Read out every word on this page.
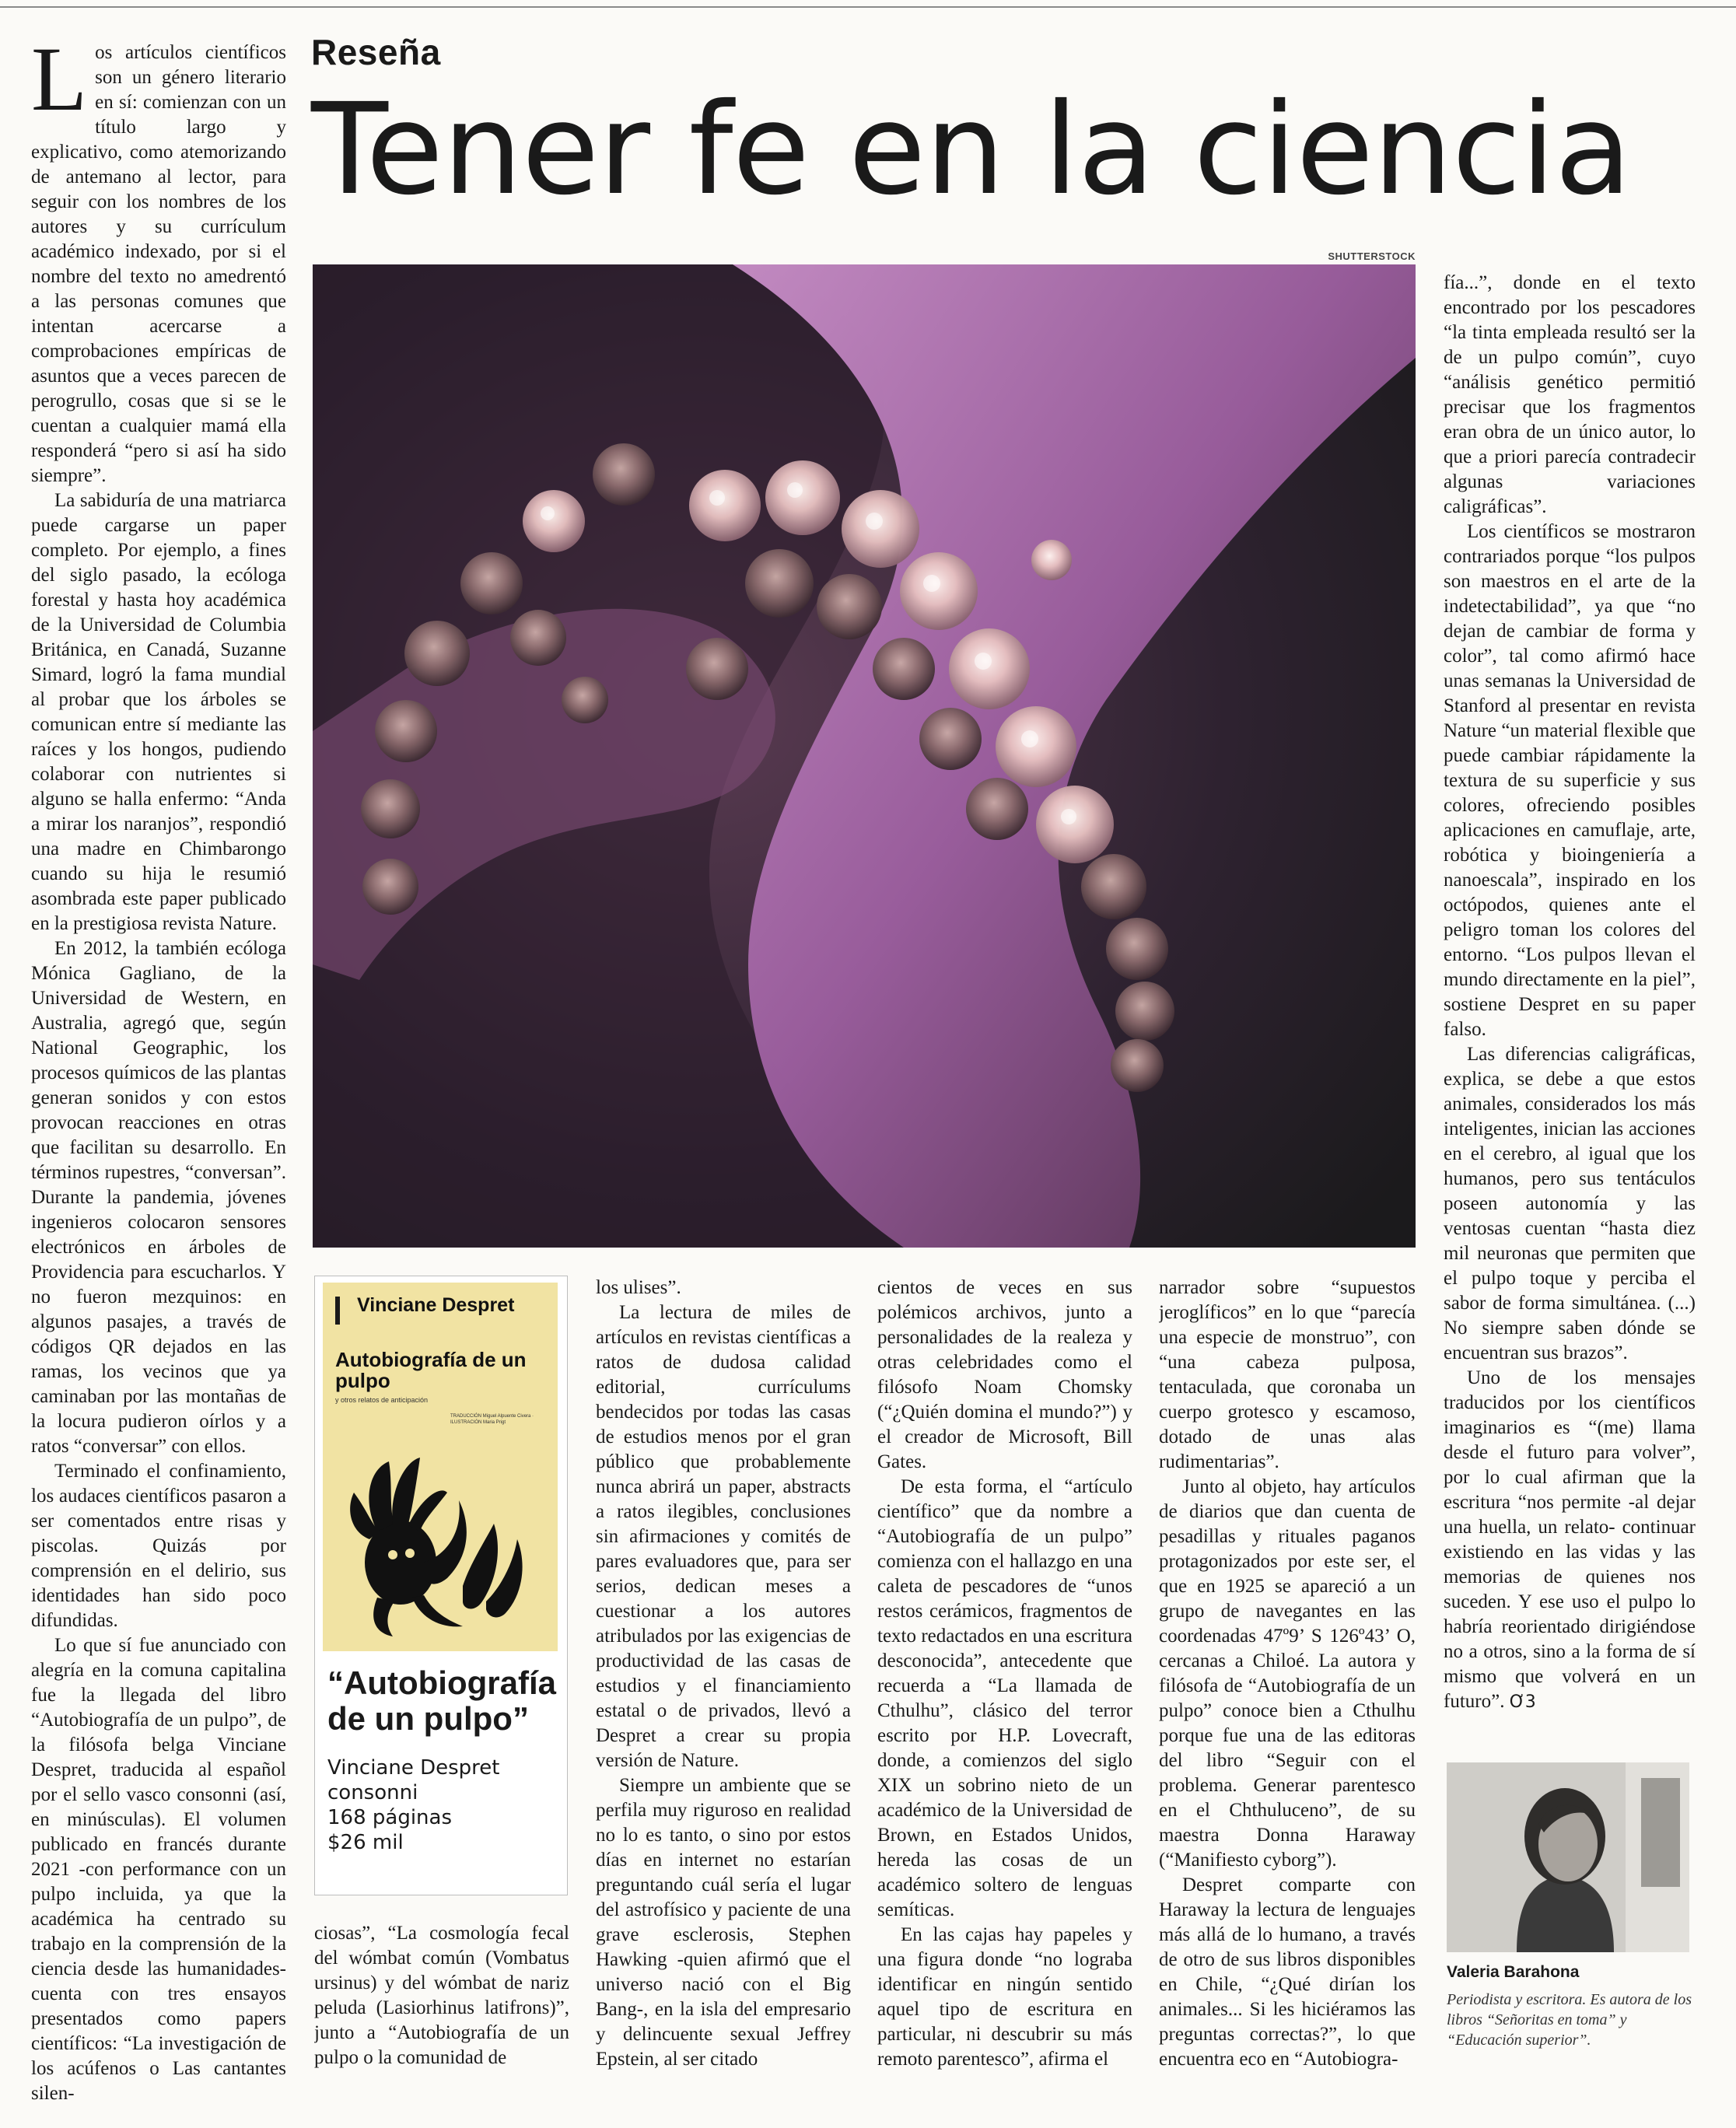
Los artículos científicos son un género literario en sí: comienzan con un título largo y explicativo, como atemorizando de antemano al lector, para seguir con los nombres de los autores y su currículum académico indexado, por si el nombre del texto no amedrentó a las personas comunes que intentan acercarse a comprobaciones empíricas de asuntos que a veces parecen de perogrullo, cosas que si se le cuentan a cualquier mamá ella responderá “pero si así ha sido siempre”.

La sabiduría de una matriarca puede cargarse un paper completo. Por ejemplo, a fines del siglo pasado, la ecóloga forestal y hasta hoy académica de la Universidad de Columbia Británica, en Canadá, Suzanne Simard, logró la fama mundial al probar que los árboles se comunican entre sí mediante las raíces y los hongos, pudiendo colaborar con nutrientes si alguno se halla enfermo: “Anda a mirar los naranjos”, respondió una madre en Chimbarongo cuando su hija le resumió asombrada este paper publicado en la prestigiosa revista Nature.

En 2012, la también ecóloga Mónica Gagliano, de la Universidad de Western, en Australia, agregó que, según National Geographic, los procesos químicos de las plantas generan sonidos y con estos provocan reacciones en otras que facilitan su desarrollo. En términos rupestres, “conversan”. Durante la pandemia, jóvenes ingenieros colocaron sensores electrónicos en árboles de Providencia para escucharlos. Y no fueron mezquinos: en algunos pasajes, a través de códigos QR dejados en las ramas, los vecinos que ya caminaban por las montañas de la locura pudieron oírlos y a ratos “conversar” con ellos.

Terminado el confinamiento, los audaces científicos pasaron a ser comentados entre risas y piscolas. Quizás por comprensión en el delirio, sus identidades han sido poco difundidas.

Lo que sí fue anunciado con alegría en la comuna capitalina fue la llegada del libro “Autobiografía de un pulpo”, de la filósofa belga Vinciane Despret, traducida al español por el sello vasco consonni (así, en minúsculas). El volumen publicado en francés durante 2021 -con performance con un pulpo incluida, ya que la académica ha centrado su trabajo en la comprensión de la ciencia desde las humanidades- cuenta con tres ensayos presentados como papers científicos: “La investigación de los acúfenos o Las cantantes silen-

Reseña
Tener fe en la ciencia
SHUTTERSTOCK
Vinciane Despret
Autobiografía de un pulpo
y otros relatos de anticipación
TRADUCCIÓN Miguel Alpuente Civera · ILUSTRACIÓN Maria Prigt
“Autobiografía de un pulpo”
Vinciane Despret
consonni
168 páginas
$26 mil

ciosas”, “La cosmología fecal del wómbat común (Vombatus ursinus) y del wómbat de nariz peluda (Lasiorhinus latifrons)”, junto a “Autobiografía de un pulpo o la comunidad de

los ulises”.

La lectura de miles de artículos en revistas científicas a ratos de dudosa calidad editorial, currículums bendecidos por todas las casas de estudios menos por el gran público que probablemente nunca abrirá un paper, abstracts a ratos ilegibles, conclusiones sin afirmaciones y comités de pares evaluadores que, para ser serios, dedican meses a cuestionar a los autores atribulados por las exigencias de productividad de las casas de estudios y el financiamiento estatal o de privados, llevó a Despret a crear su propia versión de Nature.

Siempre un ambiente que se perfila muy riguroso en realidad no lo es tanto, o sino por estos días en internet no estarían preguntando cuál sería el lugar del astrofísico y paciente de una grave esclerosis, Stephen Hawking -quien afirmó que el universo nació con el Big Bang-, en la isla del empresario y delincuente sexual Jeffrey Epstein, al ser citado

cientos de veces en sus polémicos archivos, junto a personalidades de la realeza y otras celebridades como el filósofo Noam Chomsky (“¿Quién domina el mundo?”) y el creador de Microsoft, Bill Gates.

De esta forma, el “artículo científico” que da nombre a “Autobiografía de un pulpo” comienza con el hallazgo en una caleta de pescadores de “unos restos cerámicos, fragmentos de texto redactados en una escritura desconocida”, antecedente que recuerda a “La llamada de Cthulhu”, clásico del terror escrito por H.P. Lovecraft, donde, a comienzos del siglo XIX un sobrino nieto de un académico de la Universidad de Brown, en Estados Unidos, hereda las cosas de un académico soltero de lenguas semíticas.

En las cajas hay papeles y una figura donde “no lograba identificar en ningún sentido aquel tipo de escritura en particular, ni descubrir su más remoto parentesco”, afirma el

narrador sobre “supuestos jeroglíficos” en lo que “parecía una especie de monstruo”, con “una cabeza pulposa, tentaculada, que coronaba un cuerpo grotesco y escamoso, dotado de unas alas rudimentarias”.

Junto al objeto, hay artículos de diarios que dan cuenta de pesadillas y rituales paganos protagonizados por este ser, el que en 1925 se apareció a un grupo de navegantes en las coordenadas 47º9’ S 126º43’ O, cercanas a Chiloé. La autora y filósofa de “Autobiografía de un pulpo” conoce bien a Cthulhu porque fue una de las editoras del libro “Seguir con el problema. Generar parentesco en el Chthuluceno”, de su maestra Donna Haraway (“Manifiesto cyborg”).

Despret comparte con Haraway la lectura de lenguajes más allá de lo humano, a través de otro de sus libros disponibles en Chile, “¿Qué dirían los animales... Si les hiciéramos las preguntas correctas?”, lo que encuentra eco en “Autobiogra-

fía...”, donde en el texto encontrado por los pescadores “la tinta empleada resultó ser la de un pulpo común”, cuyo “análisis genético permitió precisar que los fragmentos eran obra de un único autor, lo que a priori parecía contradecir algunas variaciones caligráficas”.

Los científicos se mostraron contrariados porque “los pulpos son maestros en el arte de la indetectabilidad”, ya que “no dejan de cambiar de forma y color”, tal como afirmó hace unas semanas la Universidad de Stanford al presentar en revista Nature “un material flexible que puede cambiar rápidamente la textura de su superficie y sus colores, ofreciendo posibles aplicaciones en camuflaje, arte, robótica y bioingeniería a nanoescala”, inspirado en los octópodos, quienes ante el peligro toman los colores del entorno. “Los pulpos llevan el mundo directamente en la piel”, sostiene Despret en su paper falso.

Las diferencias caligráficas, explica, se debe a que estos animales, considerados los más inteligentes, inician las acciones en el cerebro, al igual que los humanos, pero sus tentáculos poseen autonomía y las ventosas cuentan “hasta diez mil neuronas que permiten que el pulpo toque y perciba el sabor de forma simultánea. (...) No siempre saben dónde se encuentran sus brazos”.

Uno de los mensajes traducidos por los científicos imaginarios es “(me) llama desde el futuro para volver”, por lo cual afirman que la escritura “nos permite -al dejar una huella, un relato- continuar existiendo en las vidas y las memorias de quienes nos suceden. Y ese uso el pulpo lo habría reorientado dirigiéndose no a otros, sino a la forma de sí mismo que volverá en un futuro”. Ơ3

Valeria Barahona
Periodista y escritora. Es autora de los libros “Señoritas en toma” y “Educación superior”.
